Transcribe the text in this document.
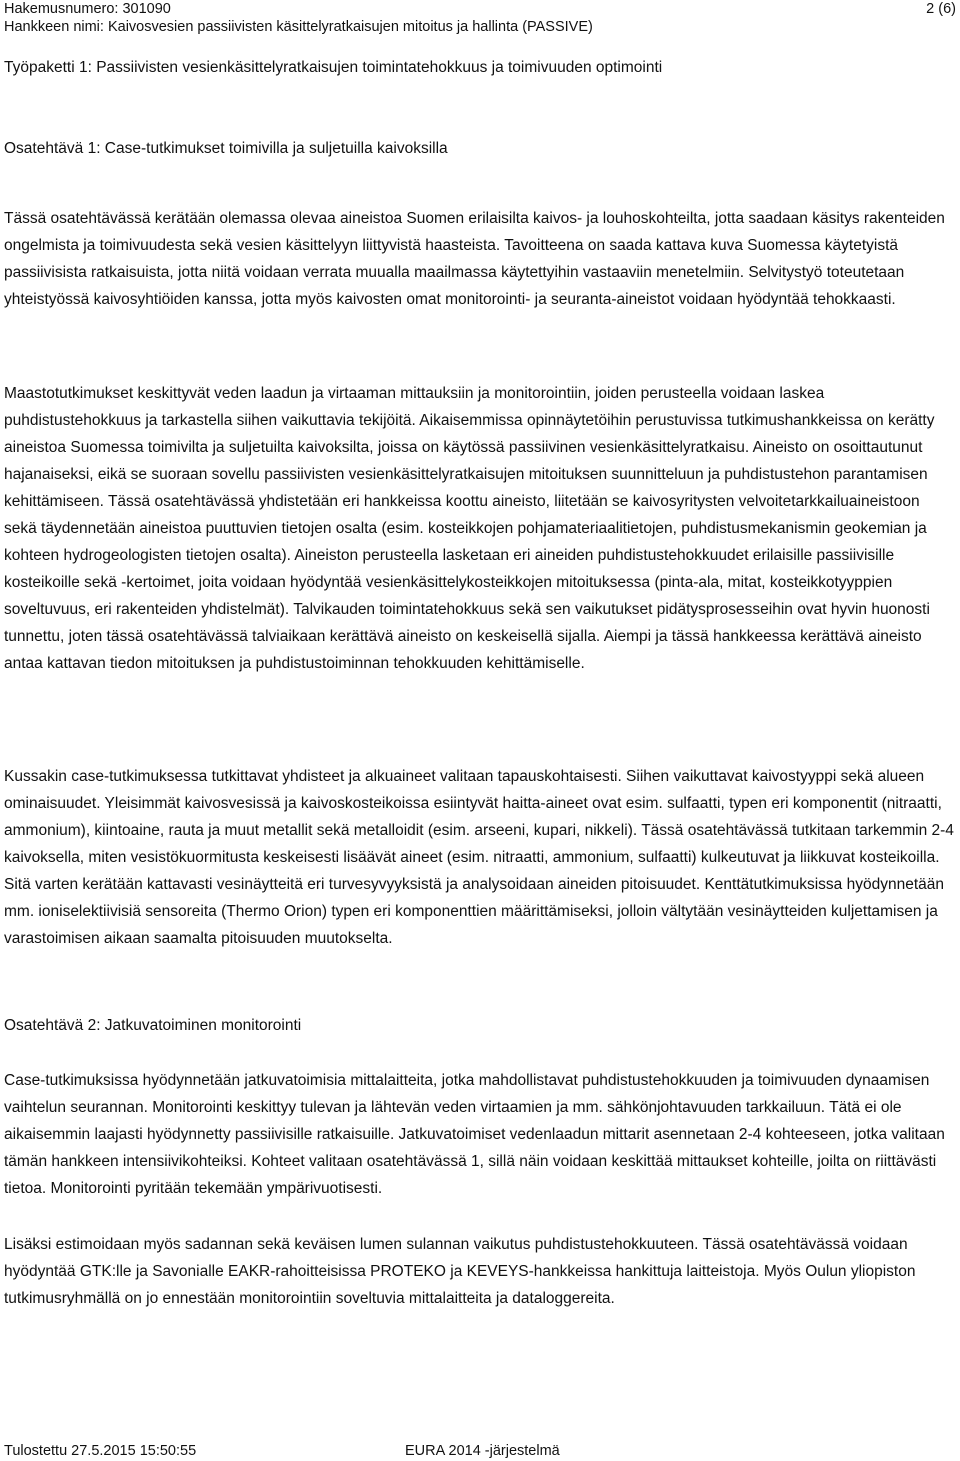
Hakemusnumero: 301090
Hankkeen nimi: Kaivosvesien passiivisten käsittelyratkaisujen mitoitus ja hallinta (PASSIVE)
2 (6)
Työpaketti 1: Passiivisten vesienkäsittelyratkaisujen toimintatehokkuus ja toimivuuden optimointi
Osatehtävä 1: Case-tutkimukset toimivilla ja suljetuilla kaivoksilla

Tässä osatehtävässä kerätään olemassa olevaa aineistoa Suomen erilaisilta kaivos- ja louhoskohteilta, jotta saadaan käsitys rakenteiden ongelmista ja toimivuudesta sekä vesien käsittelyyn liittyvistä haasteista. Tavoitteena on saada kattava kuva Suomessa käytetyistä passiivisista ratkaisuista, jotta niitä voidaan verrata muualla maailmassa käytettyihin vastaaviin menetelmiin. Selvitystyö toteutetaan yhteistyössä kaivosyhtiöiden kanssa, jotta myös kaivosten omat monitorointi- ja seuranta-aineistot voidaan hyödyntää tehokkaasti.

Maastotutkimukset keskittyvät veden laadun ja virtaaman mittauksiin ja monitorointiin, joiden perusteella voidaan laskea puhdistustehokkuus ja tarkastella siihen vaikuttavia tekijöitä. Aikaisemmissa opinnäytetöihin perustuvissa tutkimushankkeissa on kerätty aineistoa Suomessa toimivilta ja suljetuilta kaivoksilta, joissa on käytössä passiivinen vesienkäsittelyratkaisu. Aineisto on osoittautunut hajanaiseksi, eikä se suoraan sovellu passiivisten vesienkäsittelyratkaisujen mitoituksen suunnitteluun ja puhdistustehon parantamisen kehittämiseen. Tässä osatehtävässä yhdistetään eri hankkeissa koottu aineisto, liitetään se kaivosyritysten velvoitetarkkailuaineistoon sekä täydennetään aineistoa puuttuvien tietojen osalta (esim. kosteikkojen pohjamateriaalitietojen, puhdistusmekanismin geokemian ja kohteen hydrogeologisten tietojen osalta). Aineiston perusteella lasketaan eri aineiden puhdistustehokkuudet erilaisille passiivisille kosteikoille sekä -kertoimet, joita voidaan hyödyntää vesienkäsittelykosteikkojen mitoituksessa (pinta-ala, mitat, kosteikkotyyppien soveltuvuus, eri rakenteiden yhdistelmät). Talvikauden toimintatehokkuus sekä sen vaikutukset pidätysprosesseihin ovat hyvin huonosti tunnettu, joten tässä osatehtävässä talviaikaan kerättävä aineisto on keskeisellä sijalla. Aiempi ja tässä hankkeessa kerättävä aineisto antaa kattavan tiedon mitoituksen ja puhdistustoiminnan tehokkuuden kehittämiselle.

Kussakin case-tutkimuksessa tutkittavat yhdisteet ja alkuaineet valitaan tapauskohtaisesti. Siihen vaikuttavat kaivostyyppi sekä alueen ominaisuudet. Yleisimmät kaivosvesissä ja kaivoskosteikoissa esiintyvät haitta-aineet ovat esim. sulfaatti, typen eri komponentit (nitraatti, ammonium), kiintoaine, rauta ja muut metallit sekä metalloidit (esim. arseeni, kupari, nikkeli). Tässä osatehtävässä tutkitaan tarkemmin 2-4 kaivoksella, miten vesistökuormitusta keskeisesti lisäävät aineet (esim. nitraatti, ammonium, sulfaatti) kulkeutuvat ja liikkuvat kosteikoilla. Sitä varten kerätään kattavasti vesinäytteitä eri turvesyvyyksistä ja analysoidaan aineiden pitoisuudet. Kenttätutkimuksissa hyödynnetään mm. ioniselektiivisiä sensoreita (Thermo Orion) typen eri komponenttien määrittämiseksi, jolloin vältytään vesinäytteiden kuljettamisen ja varastoimisen aikaan saamalta pitoisuuden muutokselta.

Osatehtävä 2: Jatkuvatoiminen monitorointi

Case-tutkimuksissa hyödynnetään jatkuvatoimisia mittalaitteita, jotka mahdollistavat puhdistustehokkuuden ja toimivuuden dynaamisen vaihtelun seurannan. Monitorointi keskittyy tulevan ja lähtevän veden virtaamien ja mm. sähkönjohtavuuden tarkkailuun. Tätä ei ole aikaisemmin laajasti hyödynnetty passiivisille ratkaisuille. Jatkuvatoimiset vedenlaadun mittarit asennetaan 2-4 kohteeseen, jotka valitaan tämän hankkeen intensiivikohteiksi. Kohteet valitaan osatehtävässä 1, sillä näin voidaan keskittää mittaukset kohteille, joilta on riittävästi tietoa. Monitorointi pyritään tekemään ympärivuotisesti.

Lisäksi estimoidaan myös sadannan sekä keväisen lumen sulannan vaikutus puhdistustehokkuuteen. Tässä osatehtävässä voidaan hyödyntää GTK:lle ja Savonialle EAKR-rahoitteisissa PROTEKO ja KEVEYS-hankkeissa hankittuja laitteistoja. Myös Oulun yliopiston tutkimusryhmällä on jo ennestään monitorointiin soveltuvia mittalaitteita ja dataloggereita.

Tulostettu 27.5.2015 15:50:55	EURA 2014 -järjestelmä
